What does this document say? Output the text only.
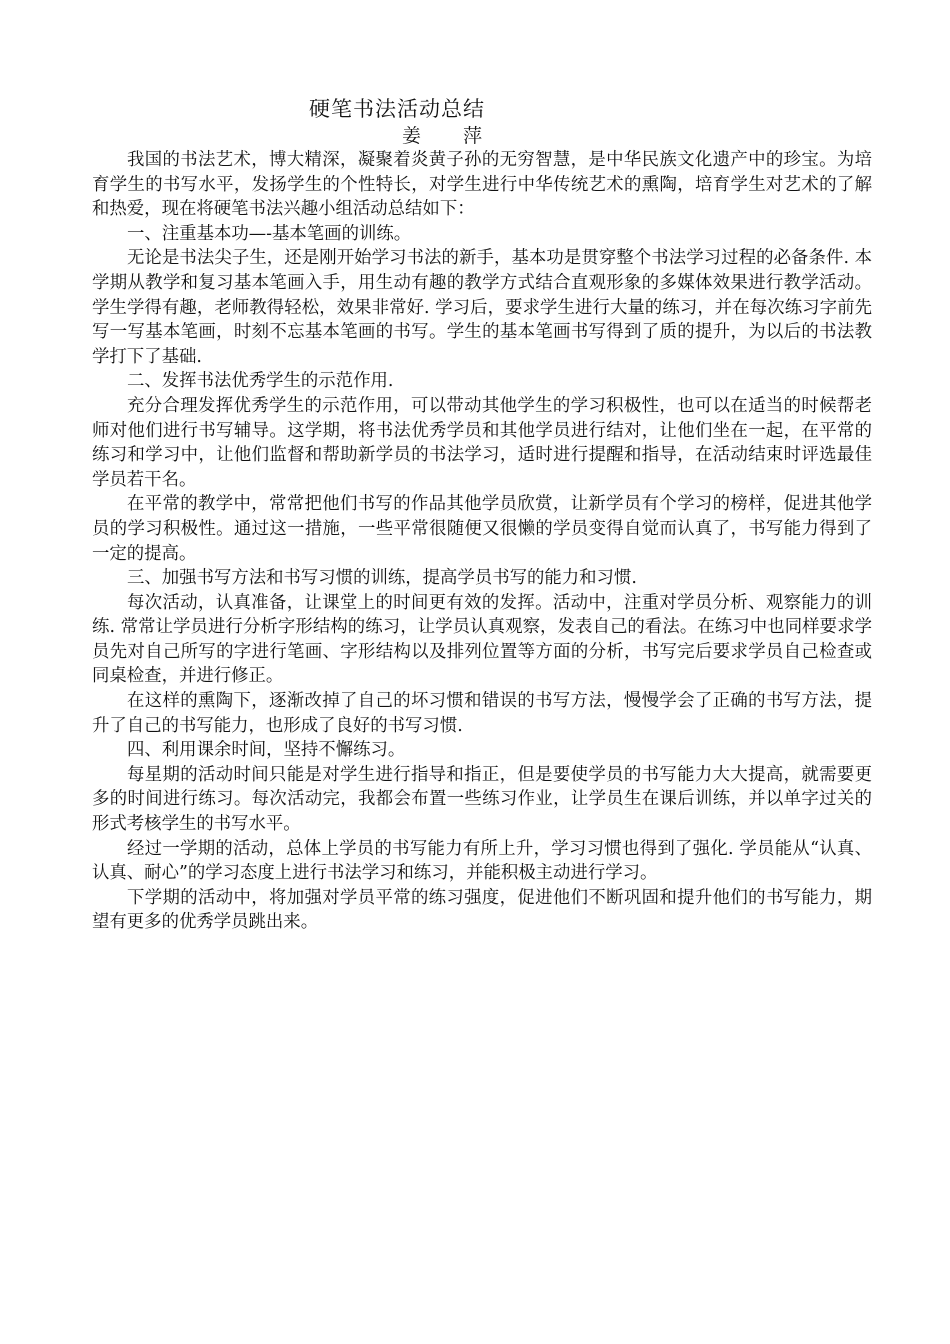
硬笔书法活动总结
姜 萍

我国的书法艺术，博大精深，凝聚着炎黄子孙的无穷智慧，是中华民族文化遗产中的珍宝。为培育学生的书写水平，发扬学生的个性特长，对学生进行中华传统艺术的熏陶，培育学生对艺术的了解和热爱，现在将硬笔书法兴趣小组活动总结如下：

一、注重基本功—-基本笔画的训练。

无论是书法尖子生，还是刚开始学习书法的新手，基本功是贯穿整个书法学习过程的必备条件. 本学期从教学和复习基本笔画入手，用生动有趣的教学方式结合直观形象的多媒体效果进行教学活动。学生学得有趣，老师教得轻松，效果非常好. 学习后，要求学生进行大量的练习，并在每次练习字前先写一写基本笔画，时刻不忘基本笔画的书写。学生的基本笔画书写得到了质的提升，为以后的书法教学打下了基础.

二、发挥书法优秀学生的示范作用.

充分合理发挥优秀学生的示范作用，可以带动其他学生的学习积极性，也可以在适当的时候帮老师对他们进行书写辅导。这学期，将书法优秀学员和其他学员进行结对，让他们坐在一起，在平常的练习和学习中，让他们监督和帮助新学员的书法学习，适时进行提醒和指导，在活动结束时评选最佳学员若干名。

在平常的教学中，常常把他们书写的作品其他学员欣赏，让新学员有个学习的榜样，促进其他学员的学习积极性。通过这一措施，一些平常很随便又很懒的学员变得自觉而认真了，书写能力得到了一定的提高。

三、加强书写方法和书写习惯的训练，提高学员书写的能力和习惯.

每次活动，认真准备，让课堂上的时间更有效的发挥。活动中，注重对学员分析、观察能力的训练. 常常让学员进行分析字形结构的练习，让学员认真观察，发表自己的看法。在练习中也同样要求学员先对自己所写的字进行笔画、字形结构以及排列位置等方面的分析，书写完后要求学员自己检查或同桌检查，并进行修正。

在这样的熏陶下，逐渐改掉了自己的坏习惯和错误的书写方法，慢慢学会了正确的书写方法，提升了自己的书写能力，也形成了良好的书写习惯.

四、利用课余时间，坚持不懈练习。

每星期的活动时间只能是对学生进行指导和指正，但是要使学员的书写能力大大提高，就需要更多的时间进行练习。每次活动完，我都会布置一些练习作业，让学员生在课后训练，并以单字过关的形式考核学生的书写水平。

经过一学期的活动，总体上学员的书写能力有所上升，学习习惯也得到了强化. 学员能从“认真、认真、耐心”的学习态度上进行书法学习和练习，并能积极主动进行学习。

下学期的活动中，将加强对学员平常的练习强度，促进他们不断巩固和提升他们的书写能力，期望有更多的优秀学员跳出来。
